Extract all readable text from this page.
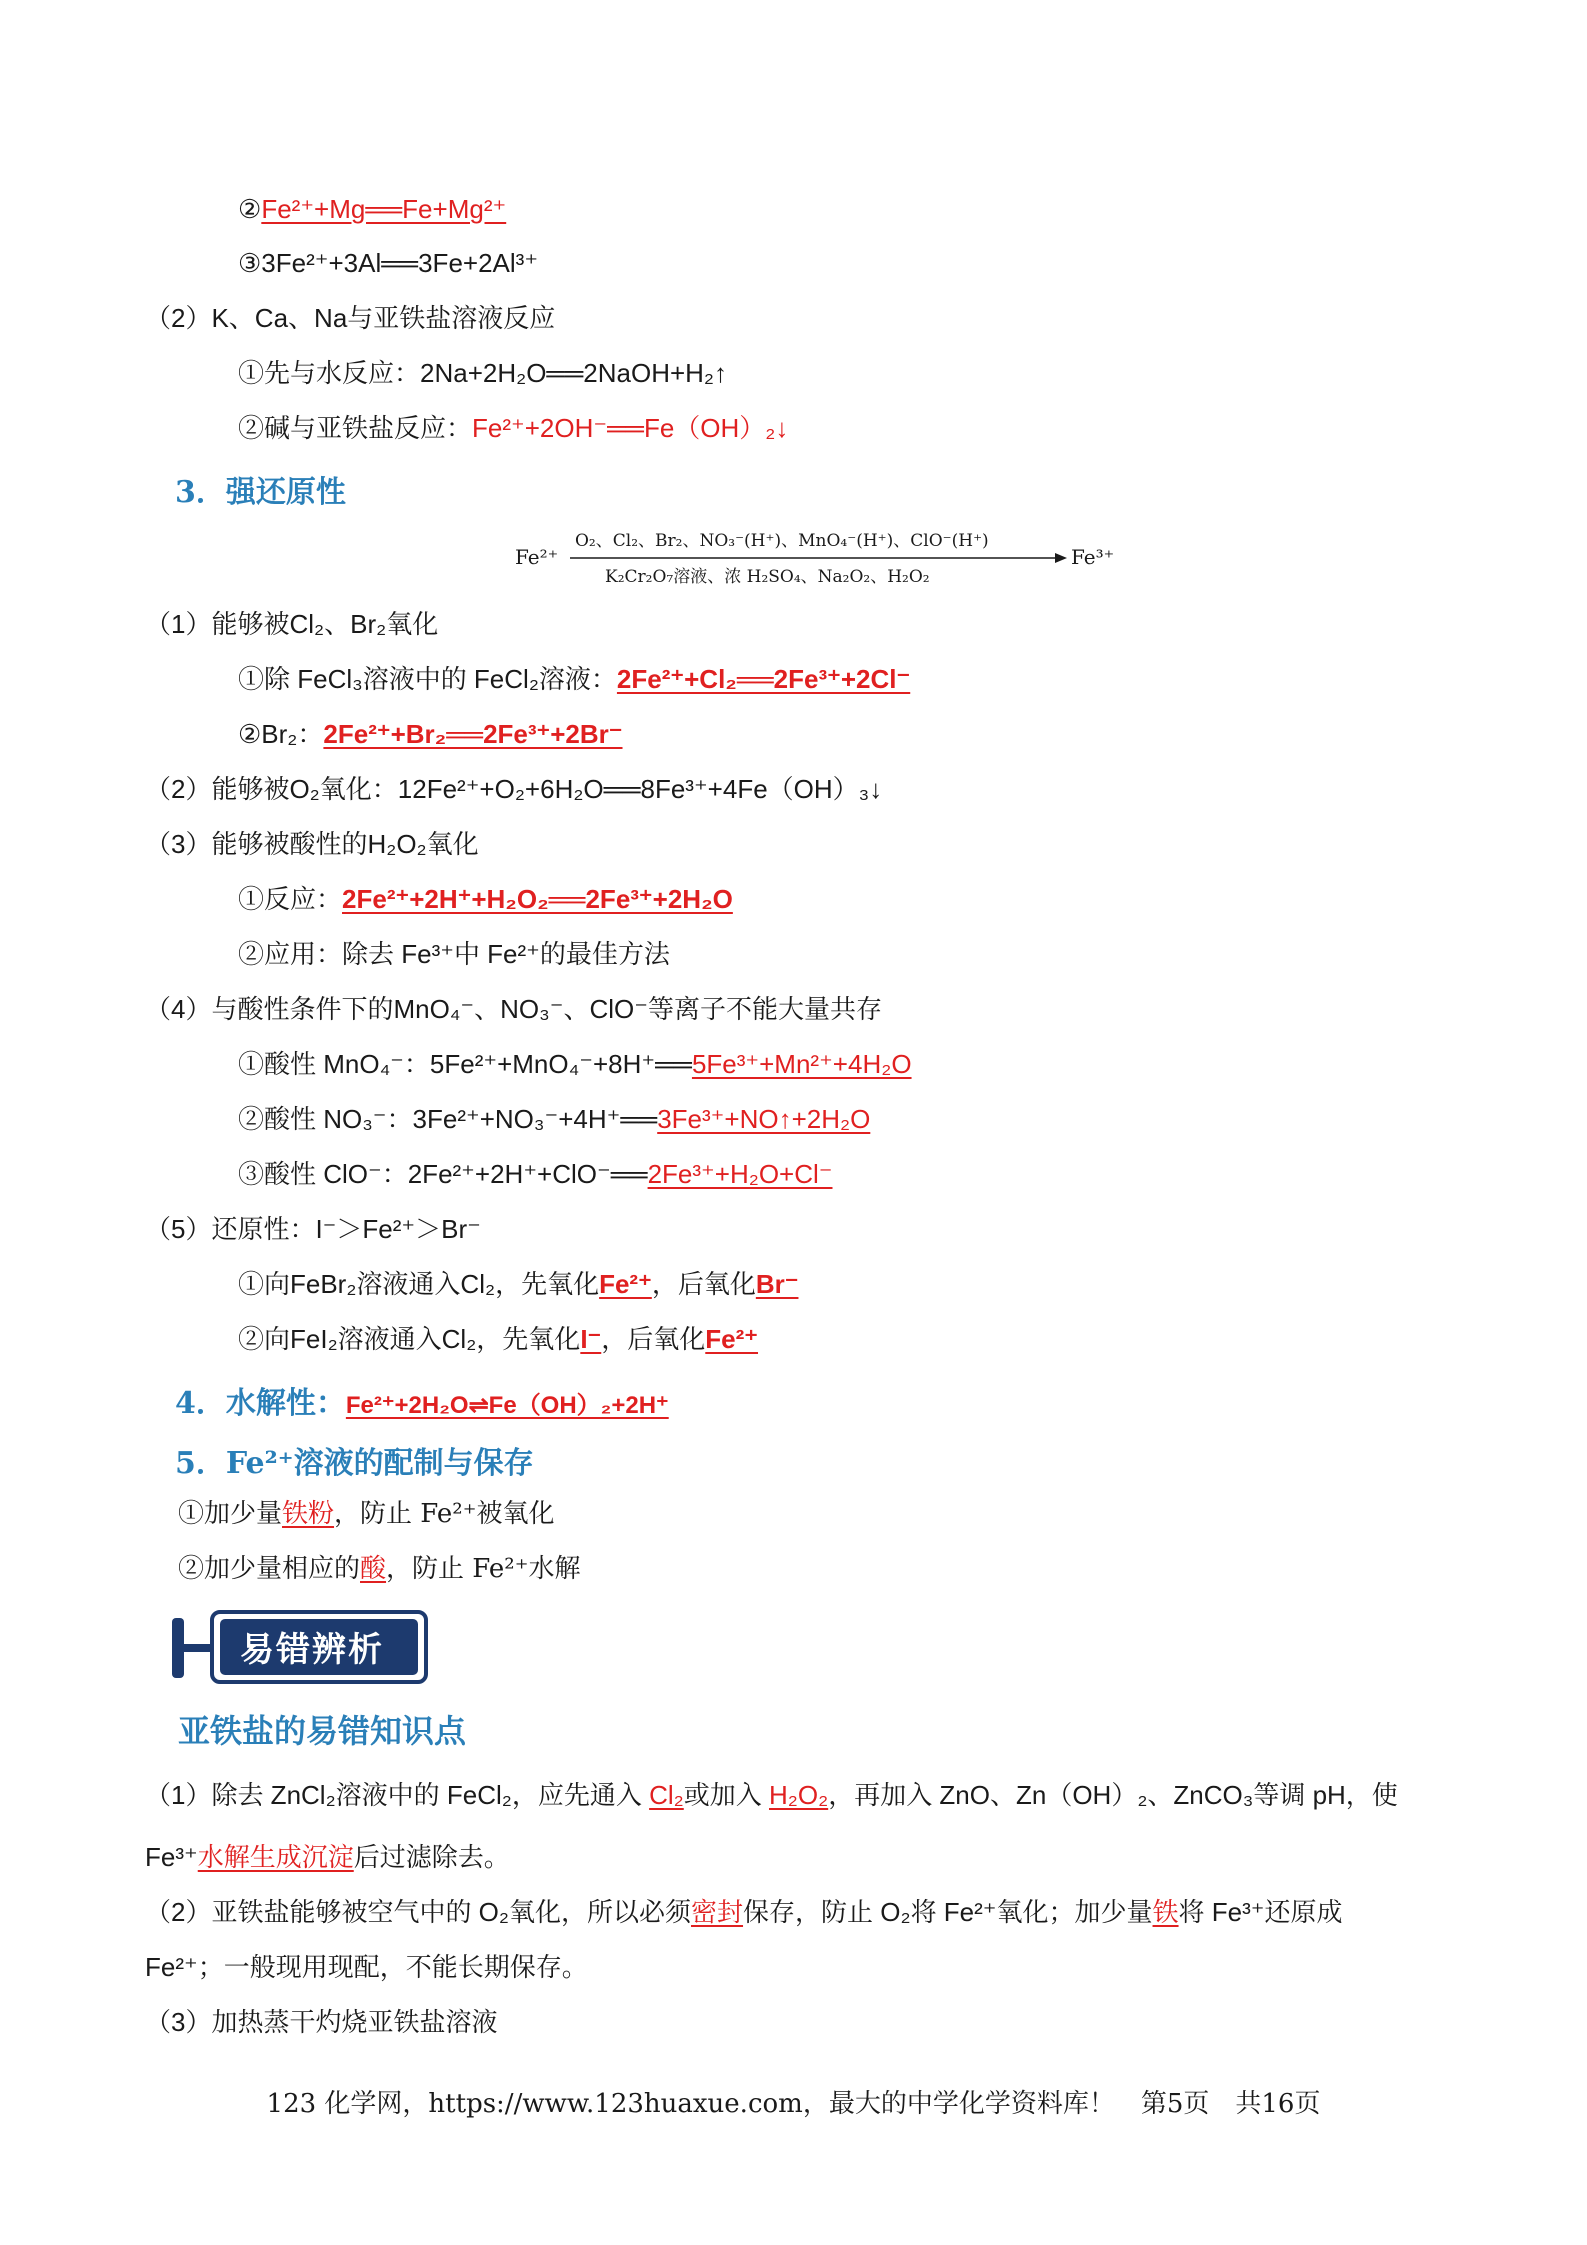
②Fe²⁺+Mg══Fe+Mg²⁺
③3Fe²⁺+3Al══3Fe+2Al³⁺
（2）K、Ca、Na与亚铁盐溶液反应
①先与水反应：2Na+2H₂O══2NaOH+H₂↑
②碱与亚铁盐反应：Fe²⁺+2OH⁻══Fe（OH）₂↓
3．强还原性
Fe²⁺
O₂、Cl₂、Br₂、NO₃⁻(H⁺)、MnO₄⁻(H⁺)、ClO⁻(H⁺)
K₂Cr₂O₇溶液、浓 H₂SO₄、Na₂O₂、H₂O₂
Fe³⁺
（1）能够被Cl₂、Br₂氧化
①除 FeCl₃溶液中的 FeCl₂溶液：2Fe²⁺+Cl₂══2Fe³⁺+2Cl⁻
②Br₂：2Fe²⁺+Br₂══2Fe³⁺+2Br⁻
（2）能够被O₂氧化：12Fe²⁺+O₂+6H₂O══8Fe³⁺+4Fe（OH）₃↓
（3）能够被酸性的H₂O₂氧化
①反应：2Fe²⁺+2H⁺+H₂O₂══2Fe³⁺+2H₂O
②应用：除去 Fe³⁺中 Fe²⁺的最佳方法
（4）与酸性条件下的MnO₄⁻、NO₃⁻、ClO⁻等离子不能大量共存
①酸性 MnO₄⁻：5Fe²⁺+MnO₄⁻+8H⁺══5Fe³⁺+Mn²⁺+4H₂O
②酸性 NO₃⁻：3Fe²⁺+NO₃⁻+4H⁺══3Fe³⁺+NO↑+2H₂O
③酸性 ClO⁻：2Fe²⁺+2H⁺+ClO⁻══2Fe³⁺+H₂O+Cl⁻
（5）还原性：I⁻＞Fe²⁺＞Br⁻
①向FeBr₂溶液通入Cl₂，先氧化Fe²⁺，后氧化Br⁻
②向FeI₂溶液通入Cl₂，先氧化I⁻，后氧化Fe²⁺
4．水解性：Fe²⁺+2H₂O⇌Fe（OH）₂+2H⁺
5．Fe²⁺溶液的配制与保存
①加少量铁粉，防止 Fe²⁺被氧化
②加少量相应的酸，防止 Fe²⁺水解
易错辨析
亚铁盐的易错知识点
（1）除去 ZnCl₂溶液中的 FeCl₂，应先通入 Cl₂或加入 H₂O₂，再加入 ZnO、Zn（OH）₂、ZnCO₃等调 pH，使
Fe³⁺水解生成沉淀后过滤除去。
（2）亚铁盐能够被空气中的 O₂氧化，所以必须密封保存，防止 O₂将 Fe²⁺氧化；加少量铁将 Fe³⁺还原成
Fe²⁺；一般现用现配，不能长期保存。
（3）加热蒸干灼烧亚铁盐溶液
123 化学网，https://www.123huaxue.com，最大的中学化学资料库！　第5页　共16页
